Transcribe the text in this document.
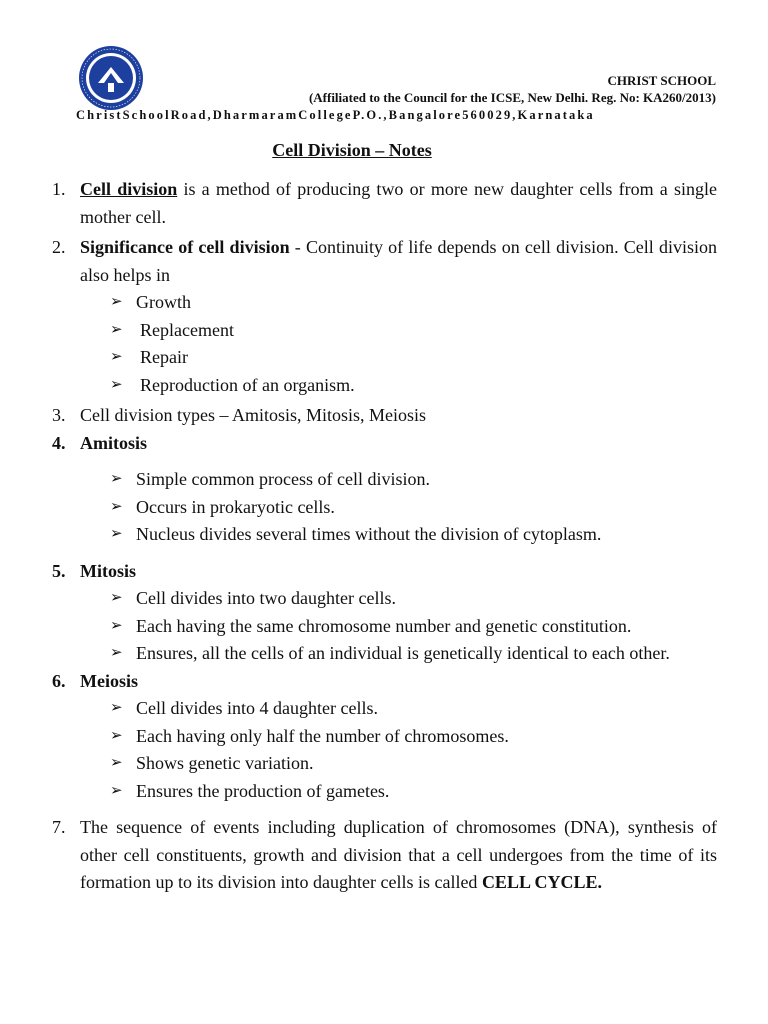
CHRIST SCHOOL
(Affiliated to the Council for the ICSE, New Delhi. Reg. No: KA260/2013)
ChristSchoolRoad,DharmaramCollegeP.O.,Bangalore560029,Karnataka
Cell Division – Notes
1. Cell division is a method of producing two or more new daughter cells from a single mother cell.
2. Significance of cell division - Continuity of life depends on cell division. Cell division also helps in
➢ Growth
➢ Replacement
➢ Repair
➢ Reproduction of an organism.
3. Cell division types – Amitosis, Mitosis, Meiosis
4. Amitosis
➢ Simple common process of cell division.
➢ Occurs in prokaryotic cells.
➢ Nucleus divides several times without the division of cytoplasm.
5. Mitosis
➢ Cell divides into two daughter cells.
➢ Each having the same chromosome number and genetic constitution.
➢ Ensures, all the cells of an individual is genetically identical to each other.
6. Meiosis
➢ Cell divides into 4 daughter cells.
➢ Each having only half the number of chromosomes.
➢ Shows genetic variation.
➢ Ensures the production of gametes.
7. The sequence of events including duplication of chromosomes (DNA), synthesis of other cell constituents, growth and division that a cell undergoes from the time of its formation up to its division into daughter cells is called CELL CYCLE.
